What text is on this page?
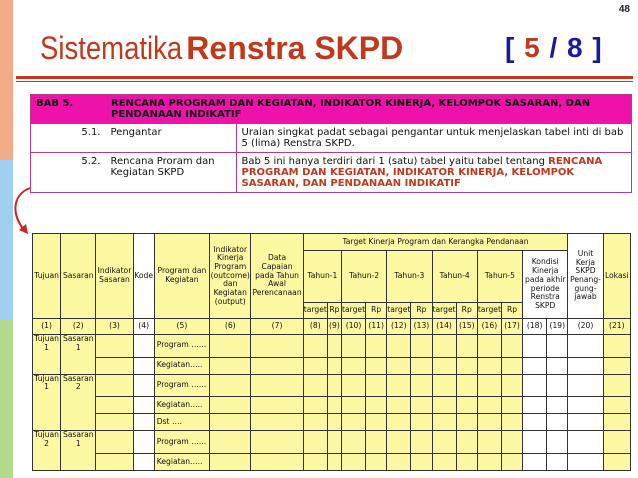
48
Sistematika Renstra SKPD	[ 5 / 8 ]
BAB 5.	RENCANA PROGRAM DAN KEGIATAN, INDIKATOR KINERJA, KELOMPOK SASARAN, DAN PENDANAAN INDIKATIF	
5.1.	Pengantar	Uraian singkat padat sebagai pengantar untuk menjelaskan tabel inti di bab 5 (lima) Renstra SKPD.
5.2.	Rencana Proram dan Kegiatan SKPD	Bab 5 ini hanya terdiri dari 1 (satu) tabel yaitu tabel tentang RENCANA PROGRAM DAN KEGIATAN, INDIKATOR KINERJA, KELOMPOK SASARAN, DAN PENDANAAN INDIKATIF
Tujuan	Sasaran	Indikator Sasaran	Kode	Program dan Kegiatan	Indikator Kinerja Program (outcome) dan Kegiatan (output)	Data Capaian pada Tahun Awal Perencanaan	Target Kinerja Program dan Kerangka Pendanaan												Unit Kerja SKPD Penang-gung-jawab	Lokasi
							Tahun-1		Tahun-2		Tahun-3		Tahun-4		Tahun-5		Kondisi Kinerja pada akhir periode Renstra SKPD			
							target	Rp	target	Rp	target	Rp	target	Rp	target	Rp				
(1)	(2)	(3)	(4)	(5)	(6)	(7)	(8)	(9)	(10)	(11)	(12)	(13)	(14)	(15)	(16)	(17)	(18)	(19)	(20)	(21)
Tujuan 1	Sasaran 1			Program ……																
				Kegiatan…..																
Tujuan 1	Sasaran 2			Program ……																
				Kegiatan…..																
				Dst ….																
Tujuan 2	Sasaran 1			Program ……																
				Kegiatan…..																
